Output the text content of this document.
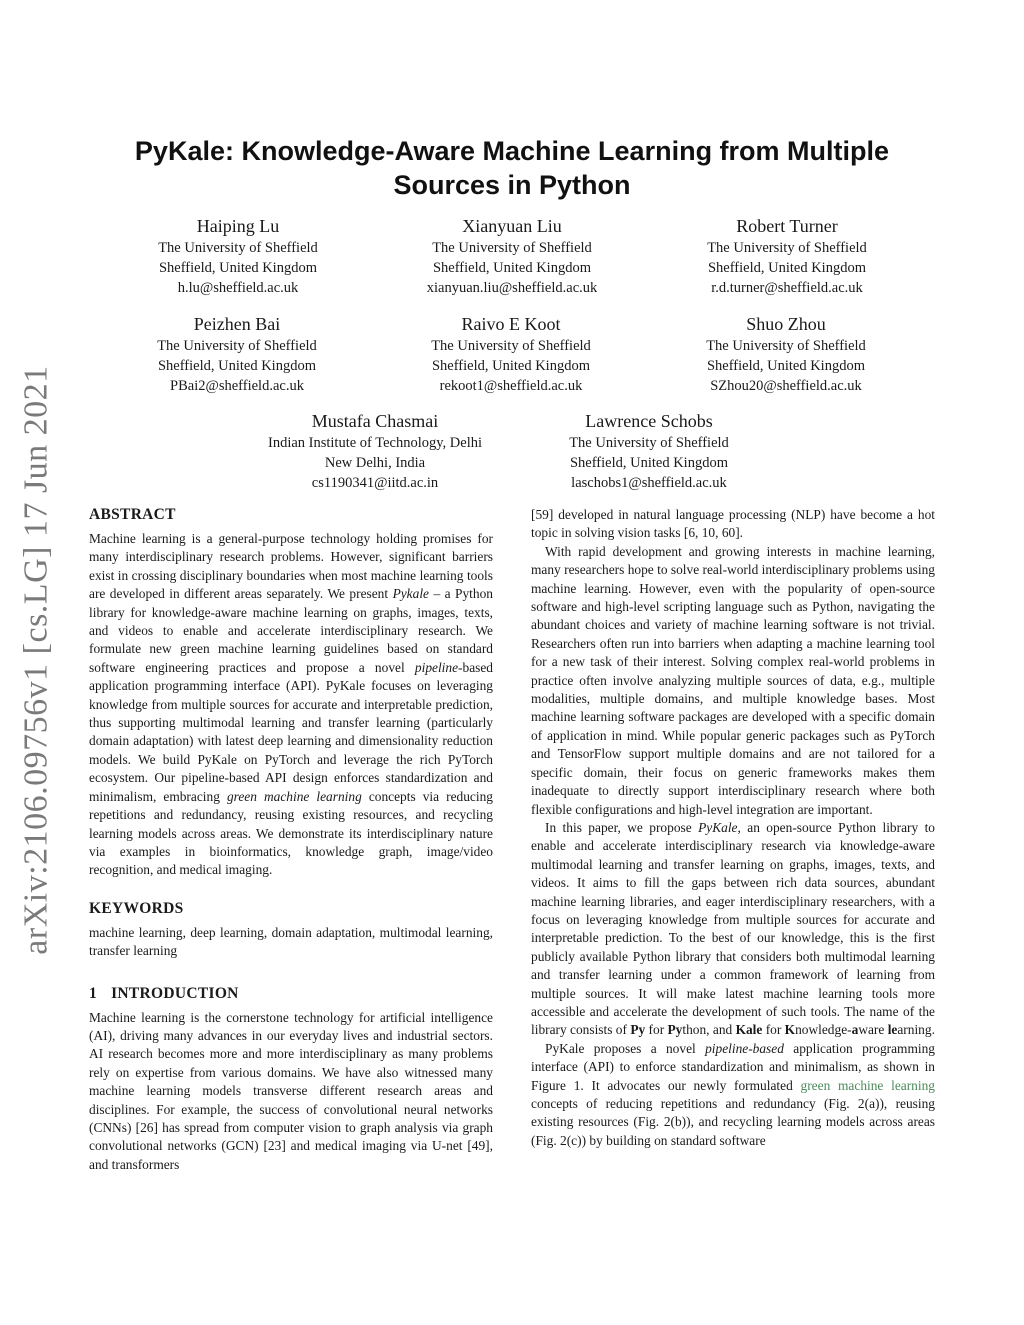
arXiv:2106.09756v1 [cs.LG] 17 Jun 2021
PyKale: Knowledge-Aware Machine Learning from Multiple
Sources in Python
Haiping Lu
The University of Sheffield
Sheffield, United Kingdom
h.lu@sheffield.ac.uk
Xianyuan Liu
The University of Sheffield
Sheffield, United Kingdom
xianyuan.liu@sheffield.ac.uk
Robert Turner
The University of Sheffield
Sheffield, United Kingdom
r.d.turner@sheffield.ac.uk
Peizhen Bai
The University of Sheffield
Sheffield, United Kingdom
PBai2@sheffield.ac.uk
Raivo E Koot
The University of Sheffield
Sheffield, United Kingdom
rekoot1@sheffield.ac.uk
Shuo Zhou
The University of Sheffield
Sheffield, United Kingdom
SZhou20@sheffield.ac.uk
Mustafa Chasmai
Indian Institute of Technology, Delhi
New Delhi, India
cs1190341@iitd.ac.in
Lawrence Schobs
The University of Sheffield
Sheffield, United Kingdom
laschobs1@sheffield.ac.uk
ABSTRACT

Machine learning is a general-purpose technology holding promises for many interdisciplinary research problems. However, significant barriers exist in crossing disciplinary boundaries when most machine learning tools are developed in different areas separately. We present Pykale – a Python library for knowledge-aware machine learning on graphs, images, texts, and videos to enable and accelerate interdisciplinary research. We formulate new green machine learning guidelines based on standard software engineering practices and propose a novel pipeline-based application programming interface (API). PyKale focuses on leveraging knowledge from multiple sources for accurate and interpretable prediction, thus supporting multimodal learning and transfer learning (particularly domain adaptation) with latest deep learning and dimensionality reduction models. We build PyKale on PyTorch and leverage the rich PyTorch ecosystem. Our pipeline-based API design enforces standardization and minimalism, embracing green machine learning concepts via reducing repetitions and redundancy, reusing existing resources, and recycling learning models across areas. We demonstrate its interdisciplinary nature via examples in bioinformatics, knowledge graph, image/video recognition, and medical imaging.

KEYWORDS

machine learning, deep learning, domain adaptation, multimodal learning, transfer learning

1 INTRODUCTION

Machine learning is the cornerstone technology for artificial intelligence (AI), driving many advances in our everyday lives and industrial sectors. AI research becomes more and more interdisciplinary as many problems rely on expertise from various domains. We have also witnessed many machine learning models transverse different research areas and disciplines. For example, the success of convolutional neural networks (CNNs) [26] has spread from computer vision to graph analysis via graph convolutional networks (GCN) [23] and medical imaging via U-net [49], and transformers

[59] developed in natural language processing (NLP) have become a hot topic in solving vision tasks [6, 10, 60].

With rapid development and growing interests in machine learning, many researchers hope to solve real-world interdisciplinary problems using machine learning. However, even with the popularity of open-source software and high-level scripting language such as Python, navigating the abundant choices and variety of machine learning software is not trivial. Researchers often run into barriers when adapting a machine learning tool for a new task of their interest. Solving complex real-world problems in practice often involve analyzing multiple sources of data, e.g., multiple modalities, multiple domains, and multiple knowledge bases. Most machine learning software packages are developed with a specific domain of application in mind. While popular generic packages such as PyTorch and TensorFlow support multiple domains and are not tailored for a specific domain, their focus on generic frameworks makes them inadequate to directly support interdisciplinary research where both flexible configurations and high-level integration are important.

In this paper, we propose PyKale, an open-source Python library to enable and accelerate interdisciplinary research via knowledge-aware multimodal learning and transfer learning on graphs, images, texts, and videos. It aims to fill the gaps between rich data sources, abundant machine learning libraries, and eager interdisciplinary researchers, with a focus on leveraging knowledge from multiple sources for accurate and interpretable prediction. To the best of our knowledge, this is the first publicly available Python library that considers both multimodal learning and transfer learning under a common framework of learning from multiple sources. It will make latest machine learning tools more accessible and accelerate the development of such tools. The name of the library consists of Py for Python, and Kale for Knowledge-aware learning.

PyKale proposes a novel pipeline-based application programming interface (API) to enforce standardization and minimalism, as shown in Figure 1. It advocates our newly formulated green machine learning concepts of reducing repetitions and redundancy (Fig. 2(a)), reusing existing resources (Fig. 2(b)), and recycling learning models across areas (Fig. 2(c)) by building on standard software
